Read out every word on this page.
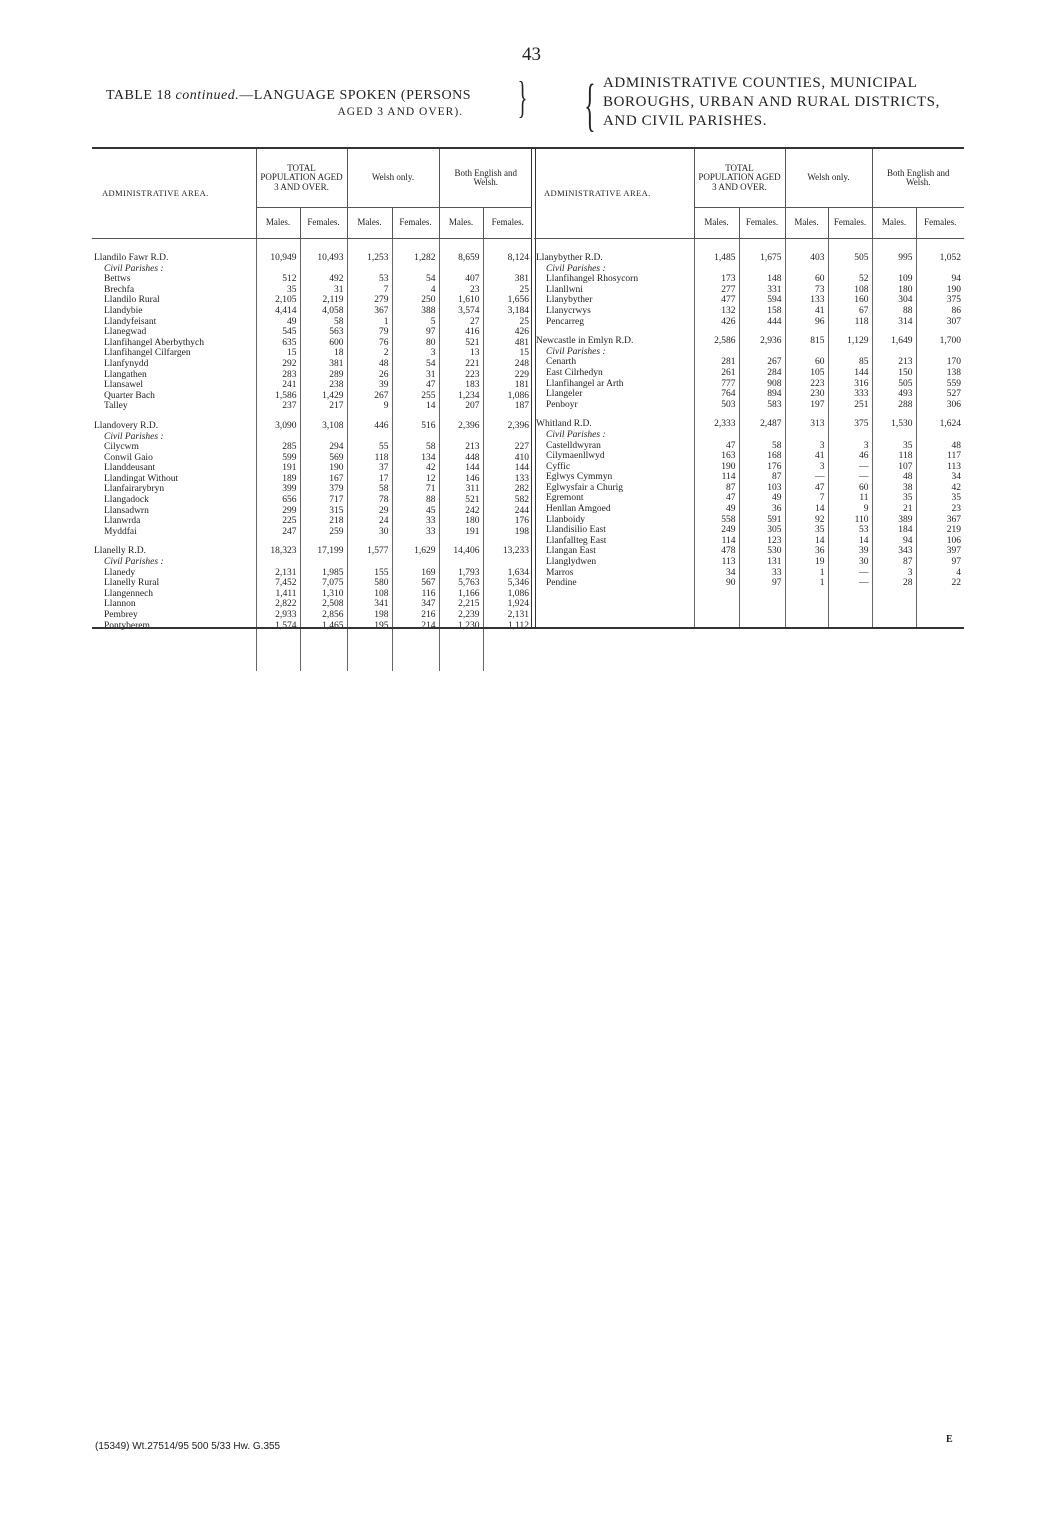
43
TABLE 18 continued.—LANGUAGE SPOKEN (PERSONS
AGED 3 AND OVER). } { ADMINISTRATIVE COUNTIES, MUNICIPAL
BOROUGHS, URBAN AND RURAL DISTRICTS,
AND CIVIL PARISHES.
ADMINISTRATIVE AREA.	TOTAL POPULATION AGED 3 AND OVER.		Welsh only.		Both English and Welsh.	
	Males.	Females.	Males.	Females.	Males.	Females.

Llandilo Fawr R.D.	10,949	10,493	1,253	1,282	8,659	8,124
Civil Parishes :						
Bettws	512	492	53	54	407	381
Brechfa	35	31	7	4	23	25
Llandilo Rural	2,105	2,119	279	250	1,610	1,656
Llandybie	4,414	4,058	367	388	3,574	3,184
Llandyfeisant	49	58	1	5	27	25
Llanegwad	545	563	79	97	416	426
Llanfihangel Aberbythych	635	600	76	80	521	481
Llanfihangel Cilfargen	15	18	2	3	13	15
Llanfynydd	292	381	48	54	221	248
Llangathen	283	289	26	31	223	229
Llansawel	241	238	39	47	183	181
Quarter Bach	1,586	1,429	267	255	1,234	1,086
Talley	237	217	9	14	207	187

Llandovery R.D.	3,090	3,108	446	516	2,396	2,396
Civil Parishes :						
Cilycwm	285	294	55	58	213	227
Conwil Gaio	599	569	118	134	448	410
Llanddeusant	191	190	37	42	144	144
Llandingat Without	189	167	17	12	146	133
Llanfairarybryn	399	379	58	71	311	282
Llangadock	656	717	78	88	521	582
Llansadwrn	299	315	29	45	242	244
Llanwrda	225	218	24	33	180	176
Myddfai	247	259	30	33	191	198

Llanelly R.D.	18,323	17,199	1,577	1,629	14,406	13,233
Civil Parishes :						
Llanedy	2,131	1,985	155	169	1,793	1,634
Llanelly Rural	7,452	7,075	580	567	5,763	5,346
Llangennech	1,411	1,310	108	116	1,166	1,086
Llannon	2,822	2,508	341	347	2,215	1,924
Pembrey	2,933	2,856	198	216	2,239	2,131
Pontyberem	1,574	1,465	195	214	1,230	1,112

ADMINISTRATIVE AREA.	TOTAL POPULATION AGED 3 AND OVER.		Welsh only.		Both English and Welsh.	
	Males.	Females.	Males.	Females.	Males.	Females.

Llanybyther R.D.	1,485	1,675	403	505	995	1,052
Civil Parishes :						
Llanfihangel Rhosycorn	173	148	60	52	109	94
Llanllwni	277	331	73	108	180	190
Llanybyther	477	594	133	160	304	375
Llanycrwys	132	158	41	67	88	86
Pencarreg	426	444	96	118	314	307

Newcastle in Emlyn R.D.	2,586	2,936	815	1,129	1,649	1,700
Civil Parishes :						
Cenarth	281	267	60	85	213	170
East Cilrhedyn	261	284	105	144	150	138
Llanfihangel ar Arth	777	908	223	316	505	559
Llangeler	764	894	230	333	493	527
Penboyr	503	583	197	251	288	306

Whitland R.D.	2,333	2,487	313	375	1,530	1,624
Civil Parishes :						
Castelldwyran	47	58	3	3	35	48
Cilymaenllwyd	163	168	41	46	118	117
Cyffic	190	176	3	—	107	113
Eglwys Cymmyn	114	87	—	—	48	34
Eglwysfair a Churig	87	103	47	60	38	42
Egremont	47	49	7	11	35	35
Henllan Amgoed	49	36	14	9	21	23
Llanboidy	558	591	92	110	389	367
Llandisilio East	249	305	35	53	184	219
Llanfallteg East	114	123	14	14	94	106
Llangan East	478	530	36	39	343	397
Llanglydwen	113	131	19	30	87	97
Marros	34	33	1	—	3	4
Pendine	90	97	1	—	28	22

(15349) Wt.27514/95 500 5/33 Hw. G.355
E
